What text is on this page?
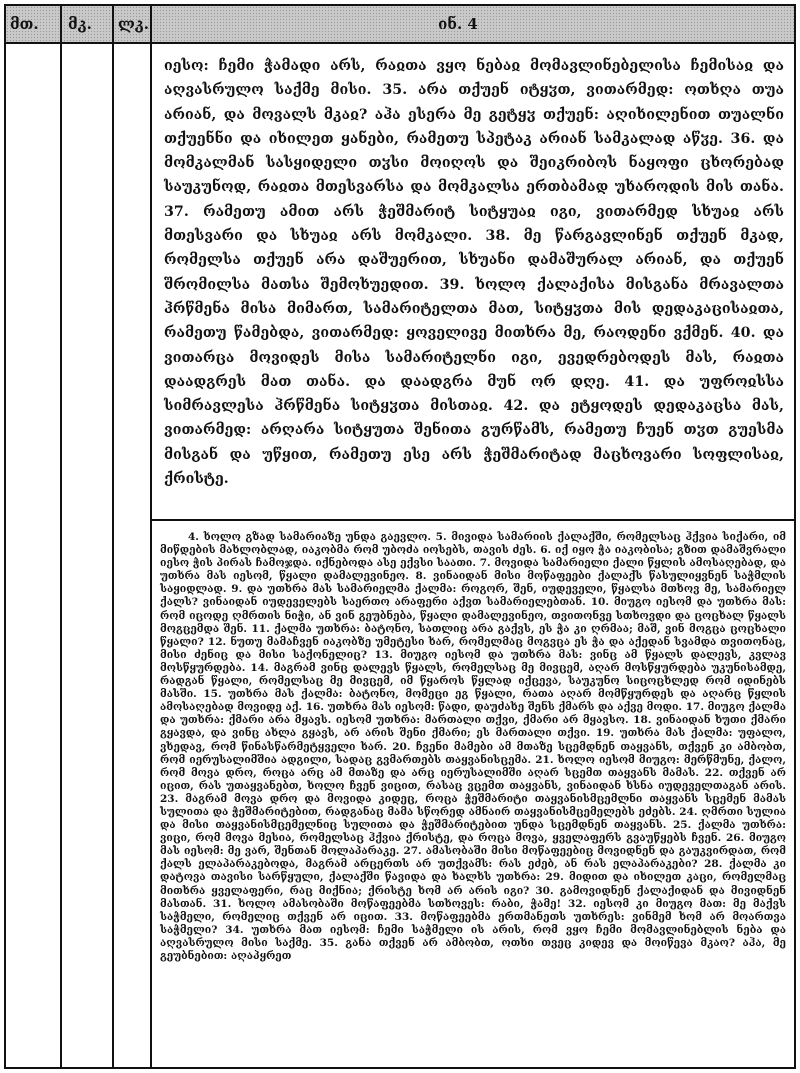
მთ.	მკ.	ლკ.	ინ. 4

იესო: ჩემი ჭამადი არს, რაჲთა ვყო ნებაჲ მომავლინებელისა ჩემისაჲ და აღვასრულო საქმე მისი. 35. არა თქუენ იტყჳთ, ვითარმედ: ოთხღა თუა არიან, და მოვალს მკაჲ? აჰა ესერა მე გეტყჳ თქუენ: აღიხილენით თუალნი თქუენნი და იხილეთ ყანები, რამეთუ სპეტაკ არიან სამკალად აწჳე. 36. და მომკალმან სასყიდელი თჳსი მოიღოს და შეიკრიბოს ნაყოფი ცხორებად საუკუნოდ, რაჲთა მთესვარსა და მომკალსა ერთბამად უხაროდის მის თანა. 37. რამეთუ ამით არს ჭეშმარიტ სიტყუაჲ იგი, ვითარმედ სხუაჲ არს მთესვარი და სხუაჲ არს მომკალი. 38. მე წარგავლინენ თქუენ მკად, რომელსა თქუენ არა დაშუერით, სხუანი დამაშურალ არიან, და თქუენ შრომილსა მათსა შემოხუედით. 39. ხოლო ქალაქისა მისგანა მრავალთა ჰრწმენა მისა მიმართ, სამარიტელთა მათ, სიტყჳთა მის დედაკაცისაჲთა, რამეთუ წამებდა, ვითარმედ: ყოველივე მითხრა მე, რაოდენი ვქმენ. 40. და ვითარცა მოვიდეს მისა სამარიტელნი იგი, ევედრებოდეს მას, რაჲთა დაადგრეს მათ თანა. და დაადგრა მუნ ორ დღე. 41. და უფროჲსსა სიმრავლესა ჰრწმენა სიტყჳთა მისთაჲ. 42. და ეტყოდეს დედაკაცსა მას, ვითარმედ: არღარა სიტყუთა შენითა გურწამს, რამეთუ ჩუენ თჳთ გუესმა მისგან და უწყით, რამეთუ ესე არს ჭეშმარიტად მაცხოვარი სოფლისაჲ, ქრისტე.

4. ხოლო გზად სამარიაზე უნდა გაევლო. 5. მივიდა სამარიის ქალაქში, რომელსაც ჰქვია სიქარი, იმ მიწდების მახლობლად, იაკობმა რომ უბოძა იოსებს, თავის ძეს. 6. იქ იყო ჭა იაკობისა; გზით დამაშვრალი იესო ჭის პირას ჩამოჯდა. იქნებოდა ასე ექვსი საათი. 7. მოვიდა სამარიელი ქალი წყლის ამოსაღებად, და უთხრა მას იესომ, წყალი დამალევინეო. 8. ვინაიდან მისი მოწაფეები ქალაქს წასულიყვნენ საჭმლის საყიდლად. 9. და უთხრა მას სამარიელმა ქალმა: როგორ, შენ, იუდეველი, წყალსა მთხოვ მე, სამარიელ ქალს? ვინაიდან იუდეველებს საერთო არაფერი აქვთ სამარიელებთან. 10. მიუგო იესომ და უთხრა მას: რომ იცოდე ღმრთის ნიჭი, ან ვინ გეუბნება, წყალი დამალევინეო, თვითონვე სთხოვდი და ცოცხალ წყალს მოგცემდა შენ. 11. ქალმა უთხრა: ბატონო, სათლიც არა გაქვს, ეს ჭა კი ღრმაა; მაშ, ვინ მოგცა ცოცხალი წყალი? 12. ნუთუ მამაჩვენ იაკობზე უმეტესი ხარ, რომელმაც მოგვცა ეს ჭა და აქედან სვამდა თვითონაც, მისი ძენიც და მისი საქონელიც? 13. მიუგო იესომ და უთხრა მას: ვინც ამ წყალს დალევს, კვლავ მოსწყურდება. 14. მაგრამ ვინც დალევს წყალს, რომელსაც მე მივცემ, აღარ მოსწყურდება უკუნისამდე, რადგან წყალი, რომელსაც მე მივცემ, იმ წყაროს წყლად იქცევა, საუკუნო სიცოცხლედ რომ იდინებს მასში. 15. უთხრა მას ქალმა: ბატონო, მომეცი ეგ წყალი, რათა აღარ მომწყურდეს და აღარც წყლის ამოსაღებად მოვიდე აქ. 16. უთხრა მას იესომ: წადი, დაუძახე შენს ქმარს და აქვე მოდი. 17. მიუგო ქალმა და უთხრა: ქმარი არა მყავს. იესომ უთხრა: მართალი თქვი, ქმარი არ მყავსო. 18. ვინაიდან ხუთი ქმარი გყავდა, და ვინც ახლა გყავს, არ არის შენი ქმარი; ეს მართალი თქვი. 19. უთხრა მას ქალმა: უფალო, ვხედავ, რომ წინასწარმეტყველი ხარ. 20. ჩვენი მამები ამ მთაზე სცემდნენ თაყვანს, თქვენ კი ამბობთ, რომ იერუსალიმშია ადგილი, სადაც გვმართებს თაყვანისცემა. 21. ხოლო იესომ მიუგო: მერწმუნე, ქალო, რომ მოვა დრო, როცა არც ამ მთაზე და არც იერუსალიმში აღარ სცემთ თაყვანს მამას. 22. თქვენ არ იცით, რას უთაყვანებთ, ხოლო ჩვენ ვიცით, რასაც ვცემთ თაყვანს, ვინაიდან ხსნა იუდეველთაგან არის. 23. მაგრამ მოვა დრო და მოვიდა კიდეც, როცა ჭეშმარიტი თაყვანისმცემლნი თაყვანს სცემენ მამას სულითა და ჭეშმარიტებით, რადგანაც მამა სწორედ ამნაირ თაყვანისმცემელებს ეძებს. 24. ღმრთი სულია და მისი თაყვანისმცემელნიც სულითა და ჭეშმარიტებით უნდა სცემდნენ თაყვანს. 25. ქალმა უთხრა: ვიცი, რომ მოვა მესია, რომელსაც ჰქვია ქრისტე, და როცა მოვა, ყველაფერს გვაუწყებს ჩვენ. 26. მიუგო მას იესომ: მე ვარ, შენთან მოლაპარაკე. 27. ამასობაში მისი მოწაფეებიც მოვიდნენ და გაუკვირდათ, რომ ქალს ელაპარაკებოდა, მაგრამ არცერთს არ უთქვამს: რას ეძებ, ან რას ელაპარაკები? 28. ქალმა კი დატოვა თავისი სარწყული, ქალაქში წავიდა და ხალხს უთხრა: 29. მიდით და იხილეთ კაცი, რომელმაც მითხრა ყველაფერი, რაც მიქნია; ქრისტე ხომ არ არის იგი? 30. გამოვიდნენ ქალაქიდან და მივიდნენ მასთან. 31. ხოლო ამასობაში მოწაფეებმა სთხოვეს: რაბი, ჭამე! 32. იესომ კი მიუგო მათ: მე მაქვს საჭმელი, რომელიც თქვენ არ იცით. 33. მოწაფეებმა ერთმანეთს უთხრეს: ვინმემ ხომ არ მოართვა საჭმელი? 34. უთხრა მათ იესომ: ჩემი საჭმელი ის არის, რომ ვყო ჩემი მომავლინებლის ნება და აღვასრულო მისი საქმე. 35. განა თქვენ არ ამბობთ, ოთხი თვეც კიდევ და მოიწევა მკაო? აჰა, მე გეუბნებით: აღაპყრეთ
